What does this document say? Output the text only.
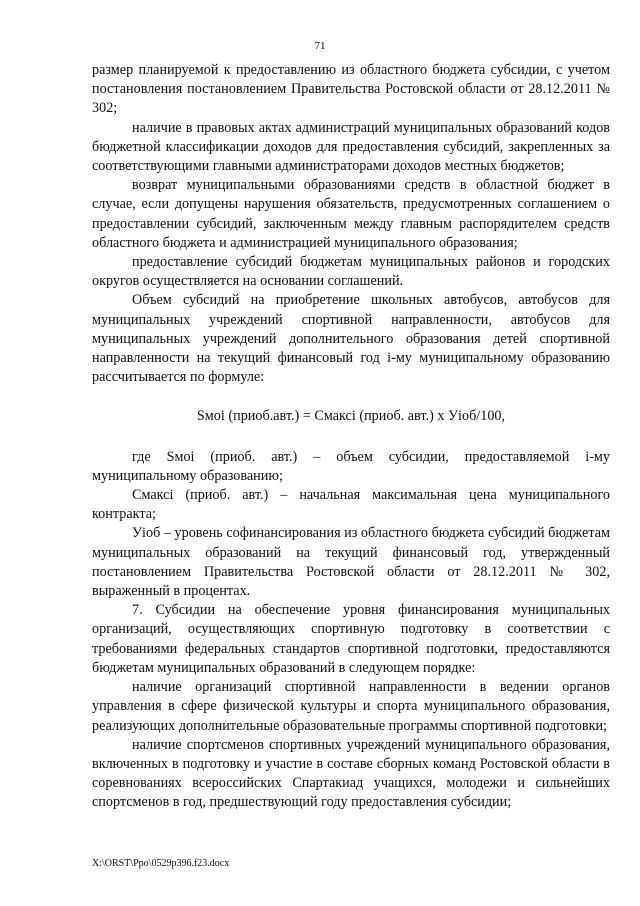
71

размер планируемой к предоставлению из областного бюджета субсидии, с учетом постановления постановлением Правительства Ростовской области от 28.12.2011 № 302;

наличие в правовых актах администраций муниципальных образований кодов бюджетной классификации доходов для предоставления субсидий, закрепленных за соответствующими главными администраторами доходов местных бюджетов;

возврат муниципальными образованиями средств в областной бюджет в случае, если допущены нарушения обязательств, предусмотренных соглашением о предоставлении субсидий, заключенным между главным распорядителем средств областного бюджета и администрацией муниципального образования;

предоставление субсидий бюджетам муниципальных районов и городских округов осуществляется на основании соглашений.

Объем субсидий на приобретение школьных автобусов, автобусов для муниципальных учреждений спортивной направленности, автобусов для муниципальных учреждений дополнительного образования детей спортивной направленности на текущий финансовый год i-му муниципальному образованию рассчитывается по формуле:

Sмоi (приоб.авт.) = Смаксi (приоб. авт.) х Уiоб/100,

где Sмоi (приоб. авт.) – объем субсидии, предоставляемой i-му муниципальному образованию;

Смаксi (приоб. авт.) – начальная максимальная цена муниципального контракта;

Уiоб – уровень софинансирования из областного бюджета субсидий бюджетам муниципальных образований на текущий финансовый год, утвержденный постановлением Правительства Ростовской области от 28.12.2011 № 302, выраженный в процентах.

7. Субсидии на обеспечение уровня финансирования муниципальных организаций, осуществляющих спортивную подготовку в соответствии с требованиями федеральных стандартов спортивной подготовки, предоставляются бюджетам муниципальных образований в следующем порядке:

наличие организаций спортивной направленности в ведении органов управления в сфере физической культуры и спорта муниципального образования, реализующих дополнительные образовательные программы спортивной подготовки;

наличие спортсменов спортивных учреждений муниципального образования, включенных в подготовку и участие в составе сборных команд Ростовской области в соревнованиях всероссийских Спартакиад учащихся, молодежи и сильнейших спортсменов в год, предшествующий году предоставления субсидии;

X:\ORST\Ppo\0529p396.f23.docx
